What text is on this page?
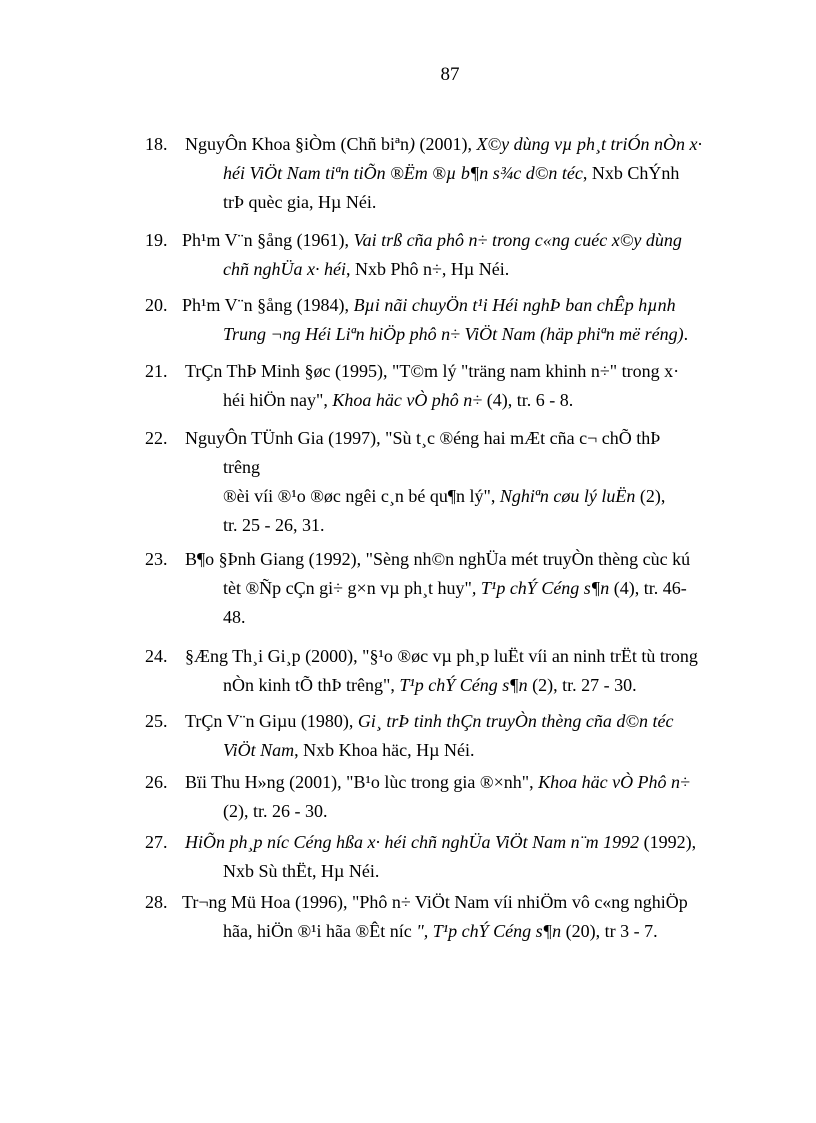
87
18. NguyÔn Khoa §iÒm (Chñ biªn) (2001), X©y dùng vµ ph¸t triÓn nÒn x·
héi ViÖt Nam tiªn tiÕn ®Ëm ®µ b¶n s¾c d©n téc, Nxb ChÝnh
trÞ quèc gia, Hµ Néi.
19. Ph¹m V¨n §ång (1961), Vai trß cña phô n÷ trong c«ng cuéc x©y dùng
chñ nghÜa x· héi, Nxb Phô n÷, Hµ Néi.
20. Ph¹m V¨n §ång (1984), Bµi nãi chuyÖn t¹i Héi nghÞ ban chÊp hµnh
Trung ¬ng Héi Liªn hiÖp phô n÷ ViÖt Nam (häp phiªn më réng).
21. TrÇn ThÞ Minh §øc (1995), "T©m lý "träng nam khinh n÷" trong x·
héi hiÖn nay", Khoa häc vÒ phô n÷ (4), tr. 6 - 8.
22. NguyÔn TÜnh Gia (1997), "Sù t¸c ®éng hai mÆt cña c¬ chÕ thÞ
trêng
®èi víi ®¹o ®øc ngêi c¸n bé qu¶n lý", Nghiªn cøu lý luËn (2),
tr. 25 - 26, 31.
23. B¶o §Þnh Giang (1992), "Sèng nh©n nghÜa mét truyÒn thèng cùc kú
tèt ®Ñp cÇn gi÷ g×n vµ ph¸t huy", T¹p chÝ Céng s¶n (4), tr. 46-
48.
24. §Æng Th¸i Gi¸p (2000), "§¹o ®øc vµ ph¸p luËt víi an ninh trËt tù trong
nÒn kinh tÕ thÞ trêng", T¹p chÝ Céng s¶n (2), tr. 27 - 30.
25. TrÇn V¨n Giµu (1980), Gi¸ trÞ tinh thÇn truyÒn thèng cña d©n téc
ViÖt Nam, Nxb Khoa häc, Hµ Néi.
26. Bïi Thu H»ng (2001), "B¹o lùc trong gia ®×nh", Khoa häc vÒ Phô n÷
(2), tr. 26 - 30.
27. HiÕn ph¸p níc Céng hßa x· héi chñ nghÜa ViÖt Nam n¨m 1992 (1992),
Nxb Sù thËt, Hµ Néi.
28. Tr¬ng Mü Hoa (1996), "Phô n÷ ViÖt Nam víi nhiÖm vô c«ng nghiÖp
hãa, hiÖn ®¹i hãa ®Êt níc ", T¹p chÝ Céng s¶n (20), tr 3 - 7.
